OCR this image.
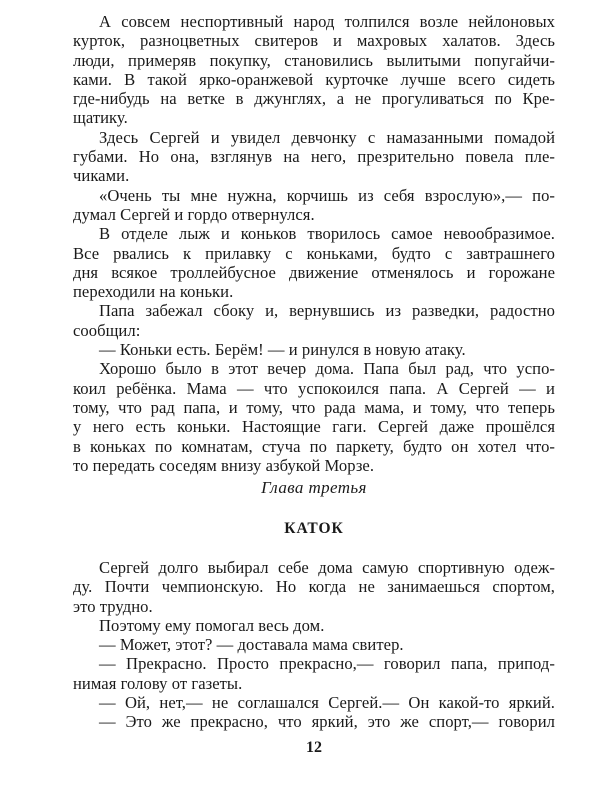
А совсем неспортивный народ толпился возле нейлоновых
курток, разноцветных свитеров и махровых халатов. Здесь
люди, примеряв покупку, становились вылитыми попугайчи-
ками. В такой ярко-оранжевой курточке лучше всего сидеть
где-нибудь на ветке в джунглях, а не прогуливаться по Кре-
щатику.
Здесь Сергей и увидел девчонку с намазанными помадой
губами. Но она, взглянув на него, презрительно повела пле-
чиками.
«Очень ты мне нужна, корчишь из себя взрослую»,— по-
думал Сергей и гордо отвернулся.
В отделе лыж и коньков творилось самое невообразимое.
Все рвались к прилавку с коньками, будто с завтрашнего
дня всякое троллейбусное движение отменялось и горожане
переходили на коньки.
Папа забежал сбоку и, вернувшись из разведки, радостно
сообщил:
— Коньки есть. Берём! — и ринулся в новую атаку.
Хорошо было в этот вечер дома. Папа был рад, что успо-
коил ребёнка. Мама — что успокоился папа. А Сергей — и
тому, что рад папа, и тому, что рада мама, и тому, что теперь
у него есть коньки. Настоящие гаги. Сергей даже прошёлся
в коньках по комнатам, стуча по паркету, будто он хотел что-
то передать соседям внизу азбукой Морзе.
Глава третья
КАТОК
Сергей долго выбирал себе дома самую спортивную одеж-
ду. Почти чемпионскую. Но когда не занимаешься спортом,
это трудно.
Поэтому ему помогал весь дом.
— Может, этот? — доставала мама свитер.
— Прекрасно. Просто прекрасно,— говорил папа, припод-
нимая голову от газеты.
— Ой, нет,— не соглашался Сергей.— Он какой-то яркий.
— Это же прекрасно, что яркий, это же спорт,— говорил
12
